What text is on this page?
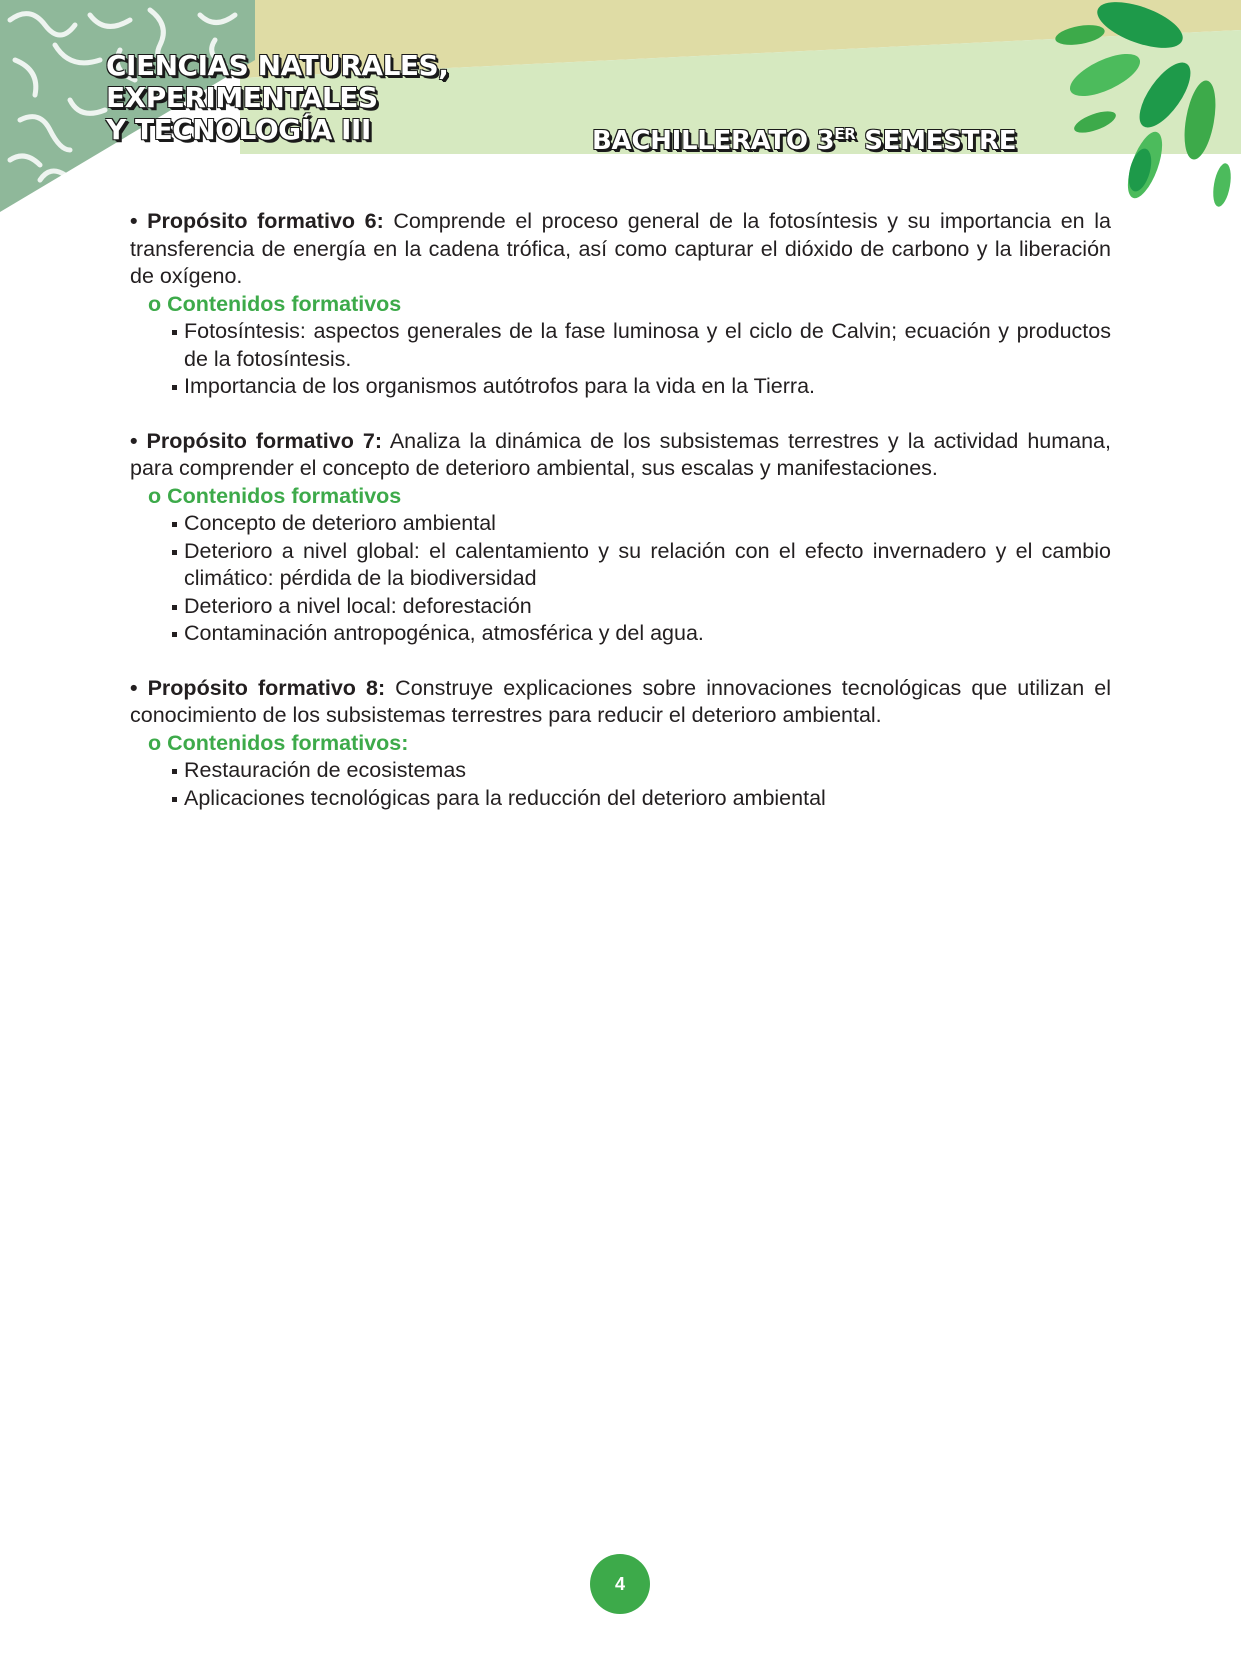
CIENCIAS NATURALES,
EXPERIMENTALES
Y TECNOLOGÍA III	BACHILLERATO 3ER SEMESTRE

• Propósito formativo 6: Comprende el proceso general de la fotosíntesis y su importancia en la transferencia de energía en la cadena trófica, así como capturar el dióxido de carbono y la liberación de oxígeno.

o Contenidos formativos

Fotosíntesis: aspectos generales de la fase luminosa y el ciclo de Calvin; ecuación y productos de la fotosíntesis.
Importancia de los organismos autótrofos para la vida en la Tierra.

• Propósito formativo 7: Analiza la dinámica de los subsistemas terrestres y la actividad humana, para comprender el concepto de deterioro ambiental, sus escalas y manifestaciones.

o Contenidos formativos

Concepto de deterioro ambiental
Deterioro a nivel global: el calentamiento y su relación con el efecto invernadero y el cambio climático: pérdida de la biodiversidad
Deterioro a nivel local: deforestación
Contaminación antropogénica, atmosférica y del agua.

• Propósito formativo 8: Construye explicaciones sobre innovaciones tecnológicas que utilizan el conocimiento de los subsistemas terrestres para reducir el deterioro ambiental.

o Contenidos formativos:

Restauración de ecosistemas
Aplicaciones tecnológicas para la reducción del deterioro ambiental
4
